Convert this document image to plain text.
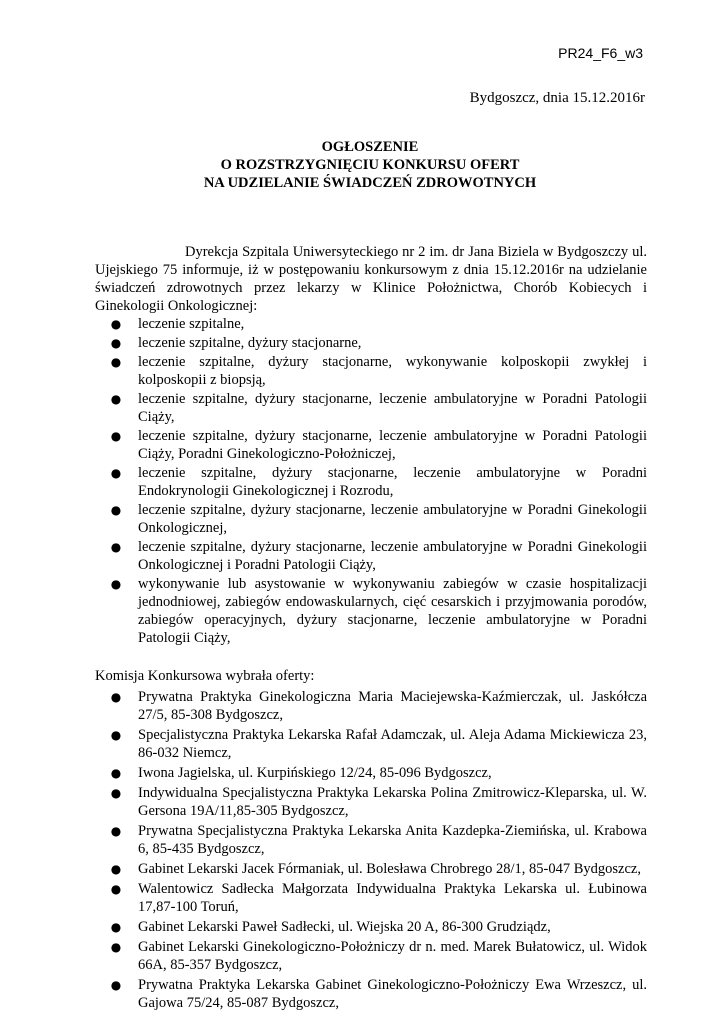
PR24_F6_w3
Bydgoszcz, dnia 15.12.2016r
OGŁOSZENIE
O ROZSTRZYGNIĘCIU KONKURSU OFERT
NA UDZIELANIE ŚWIADCZEŃ ZDROWOTNYCH

Dyrekcja Szpitala Uniwersyteckiego nr 2 im. dr Jana Biziela w Bydgoszczy ul. Ujejskiego 75 informuje, iż w postępowaniu konkursowym z dnia 15.12.2016r na udzielanie świadczeń zdrowotnych przez lekarzy w Klinice Położnictwa, Chorób Kobiecych i Ginekologii Onkologicznej:

● leczenie szpitalne,
● leczenie szpitalne, dyżury stacjonarne,
● leczenie szpitalne, dyżury stacjonarne, wykonywanie kolposkopii zwykłej i kolposkopii z biopsją,
● leczenie szpitalne, dyżury stacjonarne, leczenie ambulatoryjne w Poradni Patologii Ciąży,
● leczenie szpitalne, dyżury stacjonarne, leczenie ambulatoryjne w Poradni Patologii Ciąży, Poradni Ginekologiczno-Położniczej,
● leczenie szpitalne, dyżury stacjonarne, leczenie ambulatoryjne w Poradni Endokrynologii Ginekologicznej i Rozrodu,
● leczenie szpitalne, dyżury stacjonarne, leczenie ambulatoryjne w Poradni Ginekologii Onkologicznej,
● leczenie szpitalne, dyżury stacjonarne, leczenie ambulatoryjne w Poradni Ginekologii Onkologicznej i Poradni Patologii Ciąży,
● wykonywanie lub asystowanie w wykonywaniu zabiegów w czasie hospitalizacji jednodniowej, zabiegów endowaskularnych, cięć cesarskich i przyjmowania porodów, zabiegów operacyjnych, dyżury stacjonarne, leczenie ambulatoryjne w Poradni Patologii Ciąży,
Komisja Konkursowa wybrała oferty:
● Prywatna Praktyka Ginekologiczna Maria Maciejewska-Kaźmierczak, ul. Jaskółcza 27/5, 85-308 Bydgoszcz,
● Specjalistyczna Praktyka Lekarska Rafał Adamczak, ul. Aleja Adama Mickiewicza 23, 86-032 Niemcz,
● Iwona Jagielska, ul. Kurpińskiego 12/24, 85-096 Bydgoszcz,
● Indywidualna Specjalistyczna Praktyka Lekarska Polina Zmitrowicz-Kleparska, ul. W. Gersona 19A/11,85-305 Bydgoszcz,
● Prywatna Specjalistyczna Praktyka Lekarska Anita Kazdepka-Ziemińska, ul. Krabowa 6, 85-435 Bydgoszcz,
● Gabinet Lekarski Jacek Fórmaniak, ul. Bolesława Chrobrego 28/1, 85-047 Bydgoszcz,
● Walentowicz Sadłecka Małgorzata Indywidualna Praktyka Lekarska ul. Łubinowa 17,87-100 Toruń,
● Gabinet Lekarski Paweł Sadłecki, ul. Wiejska 20 A, 86-300 Grudziądz,
● Gabinet Lekarski Ginekologiczno-Położniczy dr n. med. Marek Bułatowicz, ul. Widok 66A, 85-357 Bydgoszcz,
● Prywatna Praktyka Lekarska Gabinet Ginekologiczno-Położniczy Ewa Wrzeszcz, ul. Gajowa 75/24, 85-087 Bydgoszcz,
